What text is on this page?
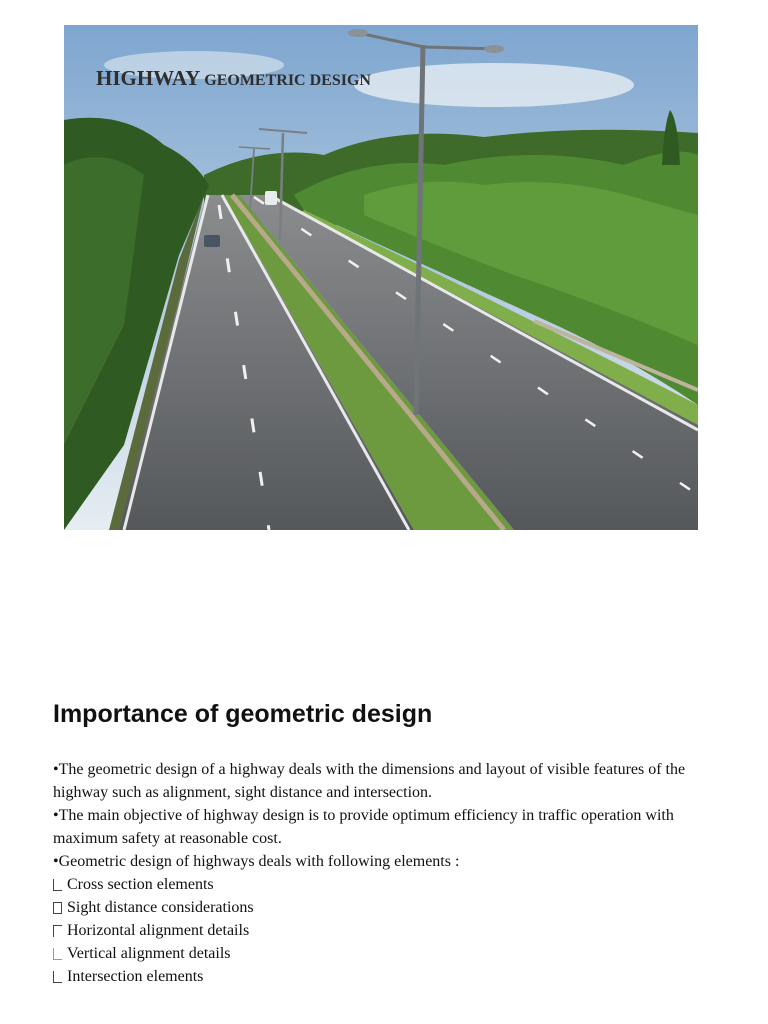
HIGHWAY GEOMETRIC DESIGN
Importance of geometric design

•The geometric design of a highway deals with the dimensions and layout of visible features of the highway such as alignment, sight distance and intersection.

•The main objective of highway design is to provide optimum efficiency in traffic operation with maximum safety at reasonable cost.

•Geometric design of highways deals with following elements :

Cross section elements
Sight distance considerations
Horizontal alignment details
Vertical alignment details
Intersection elements
